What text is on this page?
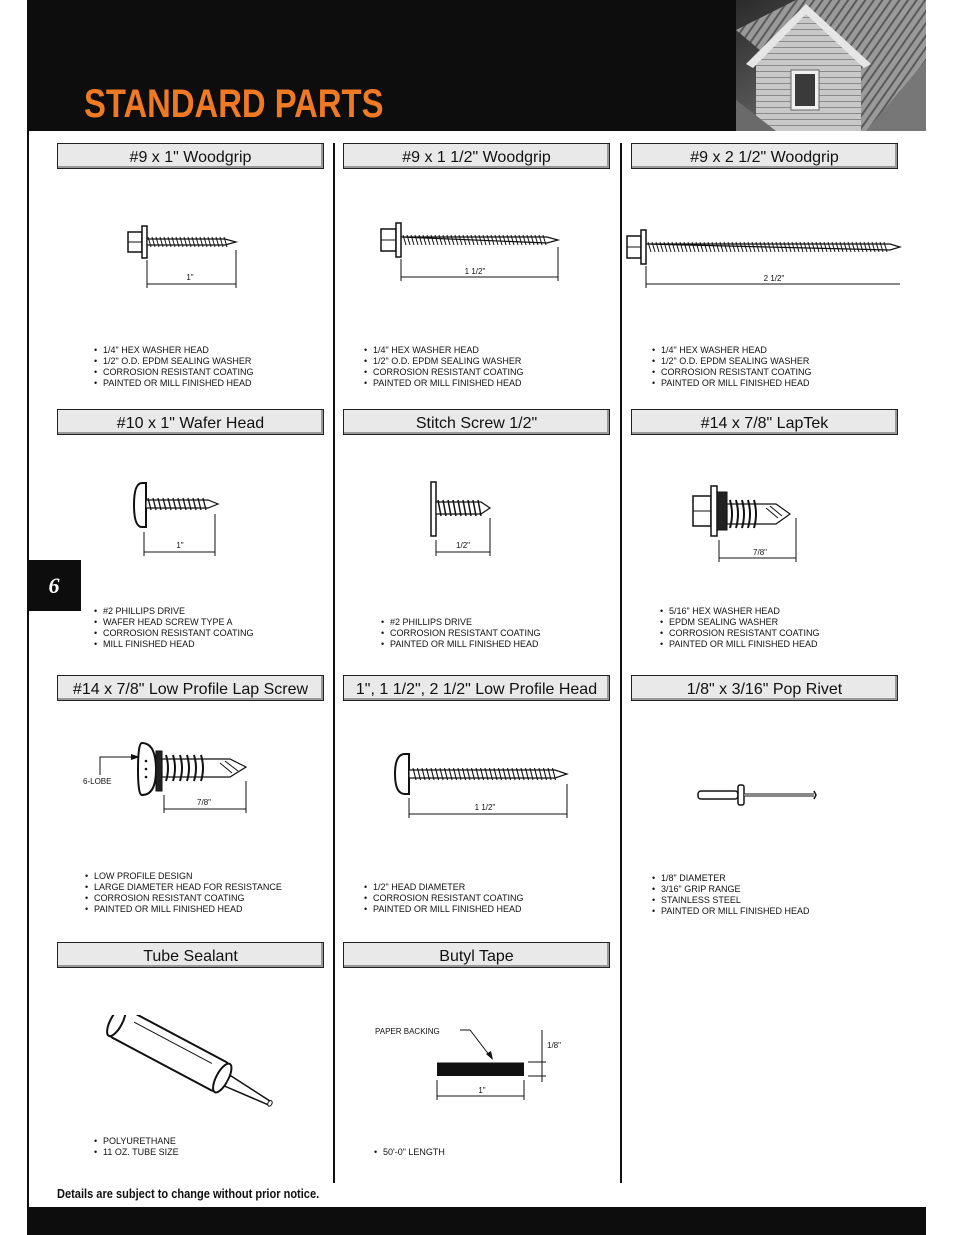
STANDARD PARTS
6
#9 x 1" Woodgrip	#9 x 1 1/2" Woodgrip	#9 x 2 1/2" Woodgrip
1"
1 1/2"
2 1/2"
• 1/4" HEX WASHER HEAD
• 1/2" O.D. EPDM SEALING WASHER
• CORROSION RESISTANT COATING
• PAINTED OR MILL FINISHED HEAD
• 1/4" HEX WASHER HEAD
• 1/2" O.D. EPDM SEALING WASHER
• CORROSION RESISTANT COATING
• PAINTED OR MILL FINISHED HEAD
• 1/4" HEX WASHER HEAD
• 1/2" O.D. EPDM SEALING WASHER
• CORROSION RESISTANT COATING
• PAINTED OR MILL FINISHED HEAD
#10 x 1" Wafer Head	Stitch Screw 1/2"	#14 x 7/8" LapTek
1"	1/2"
7/8"
• #2 PHILLIPS DRIVE
• WAFER HEAD SCREW TYPE A
• CORROSION RESISTANT COATING
• MILL FINISHED HEAD
• #2 PHILLIPS DRIVE
• CORROSION RESISTANT COATING
• PAINTED OR MILL FINISHED HEAD
• 5/16" HEX WASHER HEAD
• EPDM SEALING WASHER
• CORROSION RESISTANT COATING
• PAINTED OR MILL FINISHED HEAD
#14 x 7/8" Low Profile Lap Screw	1", 1 1/2", 2 1/2" Low Profile Head	1/8" x 3/16" Pop Rivet
6-LOBE
7/8"
1 1/2"
• LOW PROFILE DESIGN
• LARGE DIAMETER HEAD FOR RESISTANCE
• CORROSION RESISTANT COATING
• PAINTED OR MILL FINISHED HEAD
• 1/2" HEAD DIAMETER
• CORROSION RESISTANT COATING
• PAINTED OR MILL FINISHED HEAD
• 1/8" DIAMETER
• 3/16" GRIP RANGE
• STAINLESS STEEL
• PAINTED OR MILL FINISHED HEAD
Tube Sealant	Butyl Tape
PAPER BACKING
1/8"
1"
• POLYURETHANE
• 11 OZ. TUBE SIZE
•	50'-0" LENGTH
Details are subject to change without prior notice.
